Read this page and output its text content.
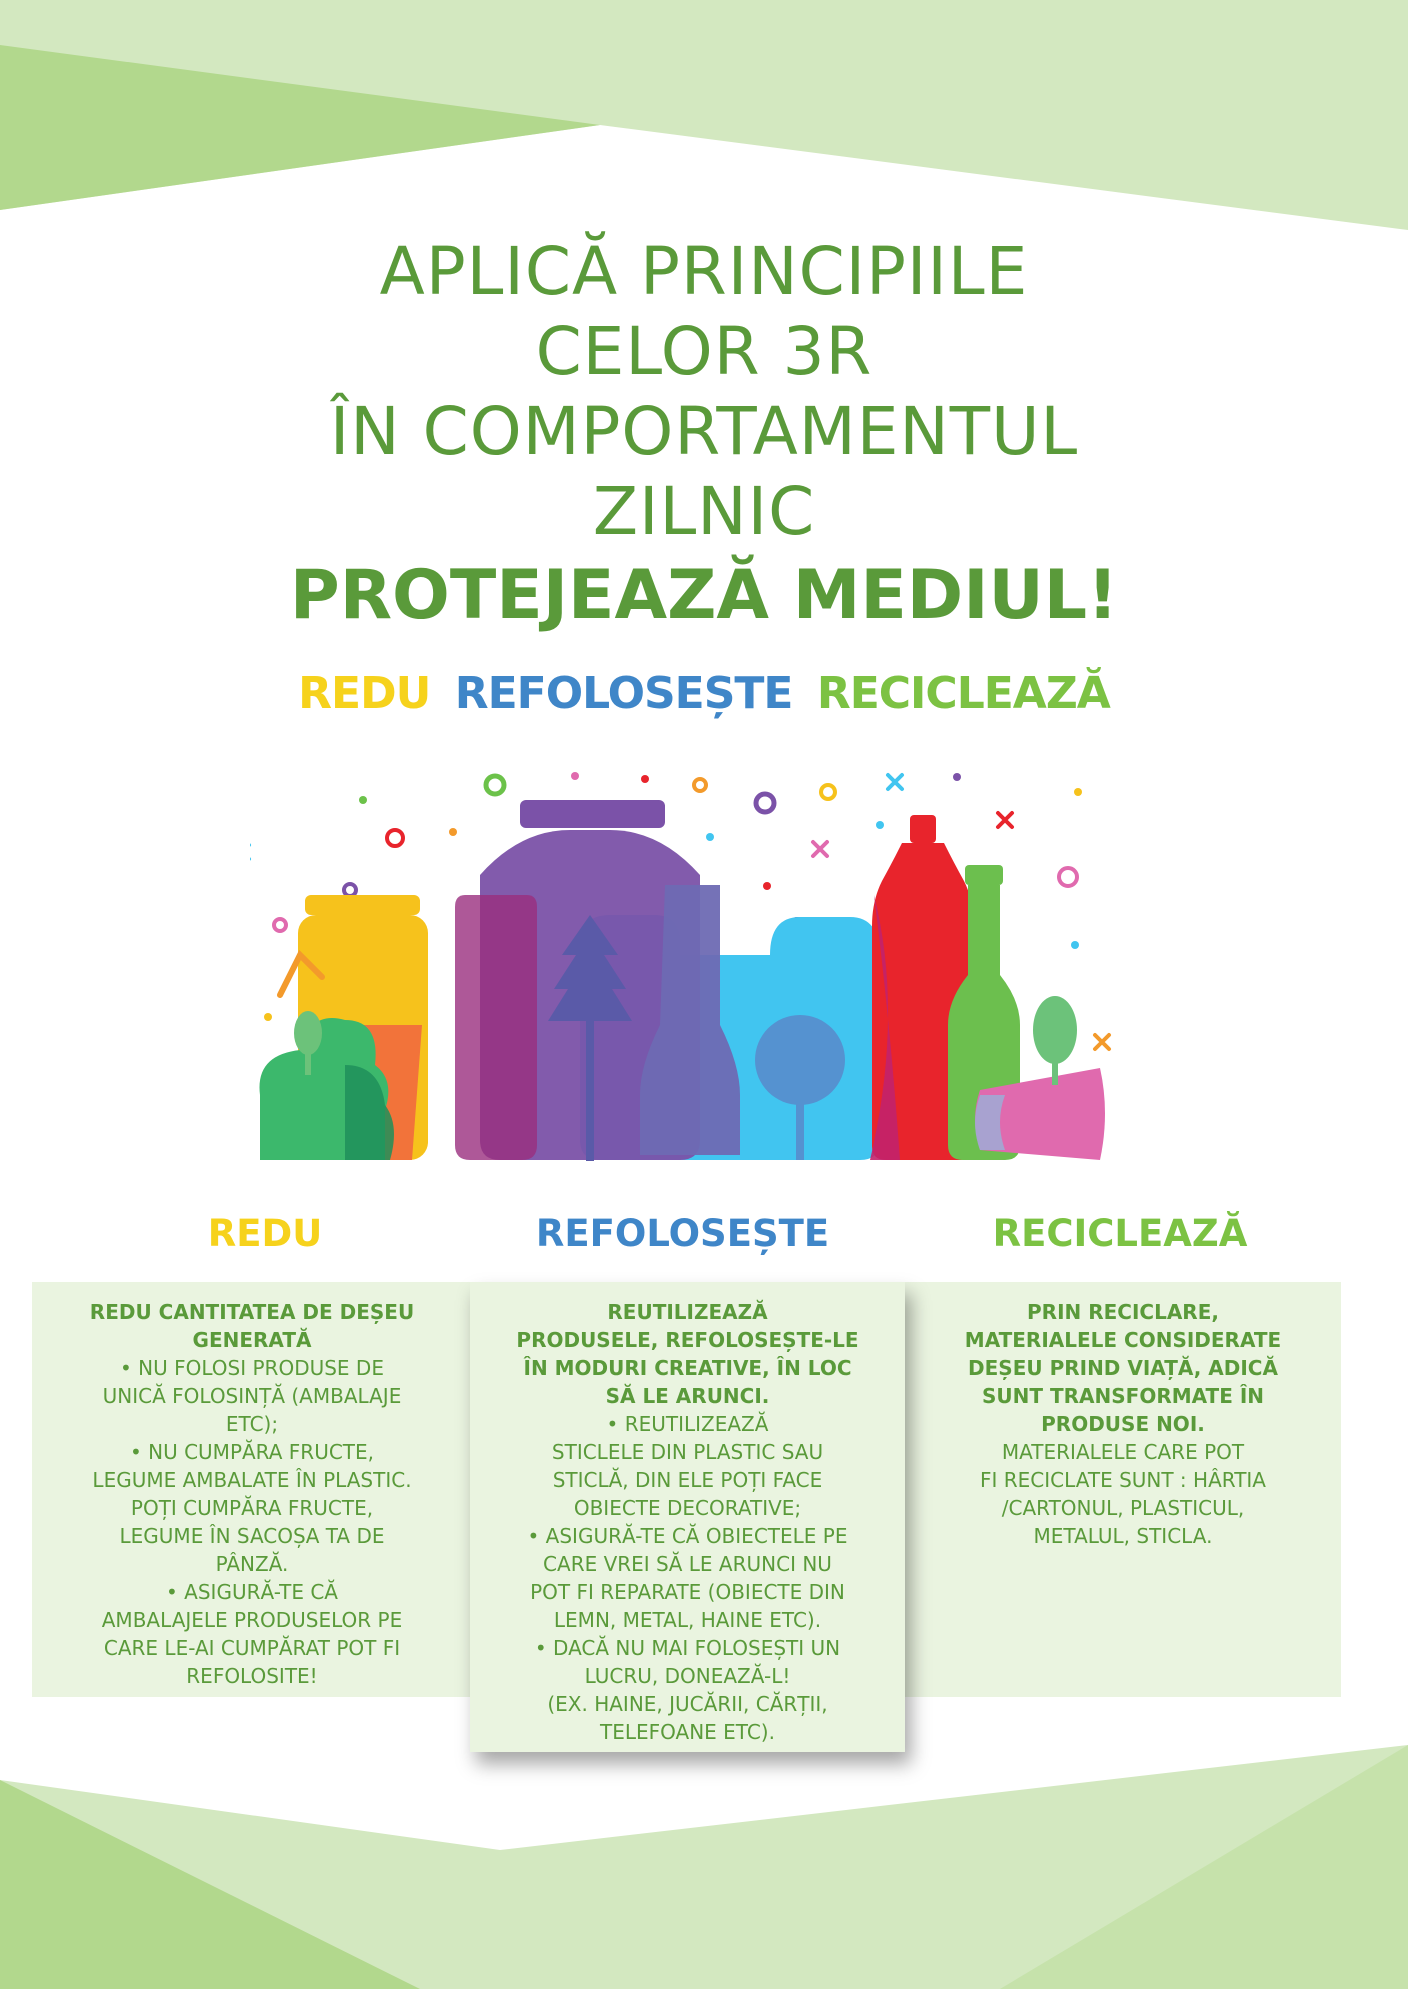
APLICĂ PRINCIPIILE

CELOR 3R

ÎN COMPORTAMENTUL

ZILNIC

PROTEJEAZĂ MEDIUL!

REDU REFOLOSEȘTE RECICLEAZĂ
REDU	REFOLOSEȘTE	RECICLEAZĂ

REDU CANTITATEA DE DEȘEU

GENERATĂ

• NU FOLOSI PRODUSE DE

UNICĂ FOLOSINȚĂ (AMBALAJE

ETC);

• NU CUMPĂRA FRUCTE,

LEGUME AMBALATE ÎN PLASTIC.

POȚI CUMPĂRA FRUCTE,

LEGUME ÎN SACOȘA TA DE

PÂNZĂ.

• ASIGURĂ-TE CĂ

AMBALAJELE PRODUSELOR PE

CARE LE-AI CUMPĂRAT POT FI

REFOLOSITE!

PRIN RECICLARE,

MATERIALELE CONSIDERATE

DEȘEU PRIND VIAȚĂ, ADICĂ

SUNT TRANSFORMATE ÎN

PRODUSE NOI.

MATERIALELE CARE POT

FI RECICLATE SUNT : HÂRTIA

/CARTONUL, PLASTICUL,

METALUL, STICLA.

REUTILIZEAZĂ

PRODUSELE, REFOLOSEȘTE-LE

ÎN MODURI CREATIVE, ÎN LOC

SĂ LE ARUNCI.

• REUTILIZEAZĂ

STICLELE DIN PLASTIC SAU

STICLĂ, DIN ELE POȚI FACE

OBIECTE DECORATIVE;

• ASIGURĂ-TE CĂ OBIECTELE PE

CARE VREI SĂ LE ARUNCI NU

POT FI REPARATE (OBIECTE DIN

LEMN, METAL, HAINE ETC).

• DACĂ NU MAI FOLOSEȘTI UN

LUCRU, DONEAZĂ-L!

(EX. HAINE, JUCĂRII, CĂRȚII,

TELEFOANE ETC).
